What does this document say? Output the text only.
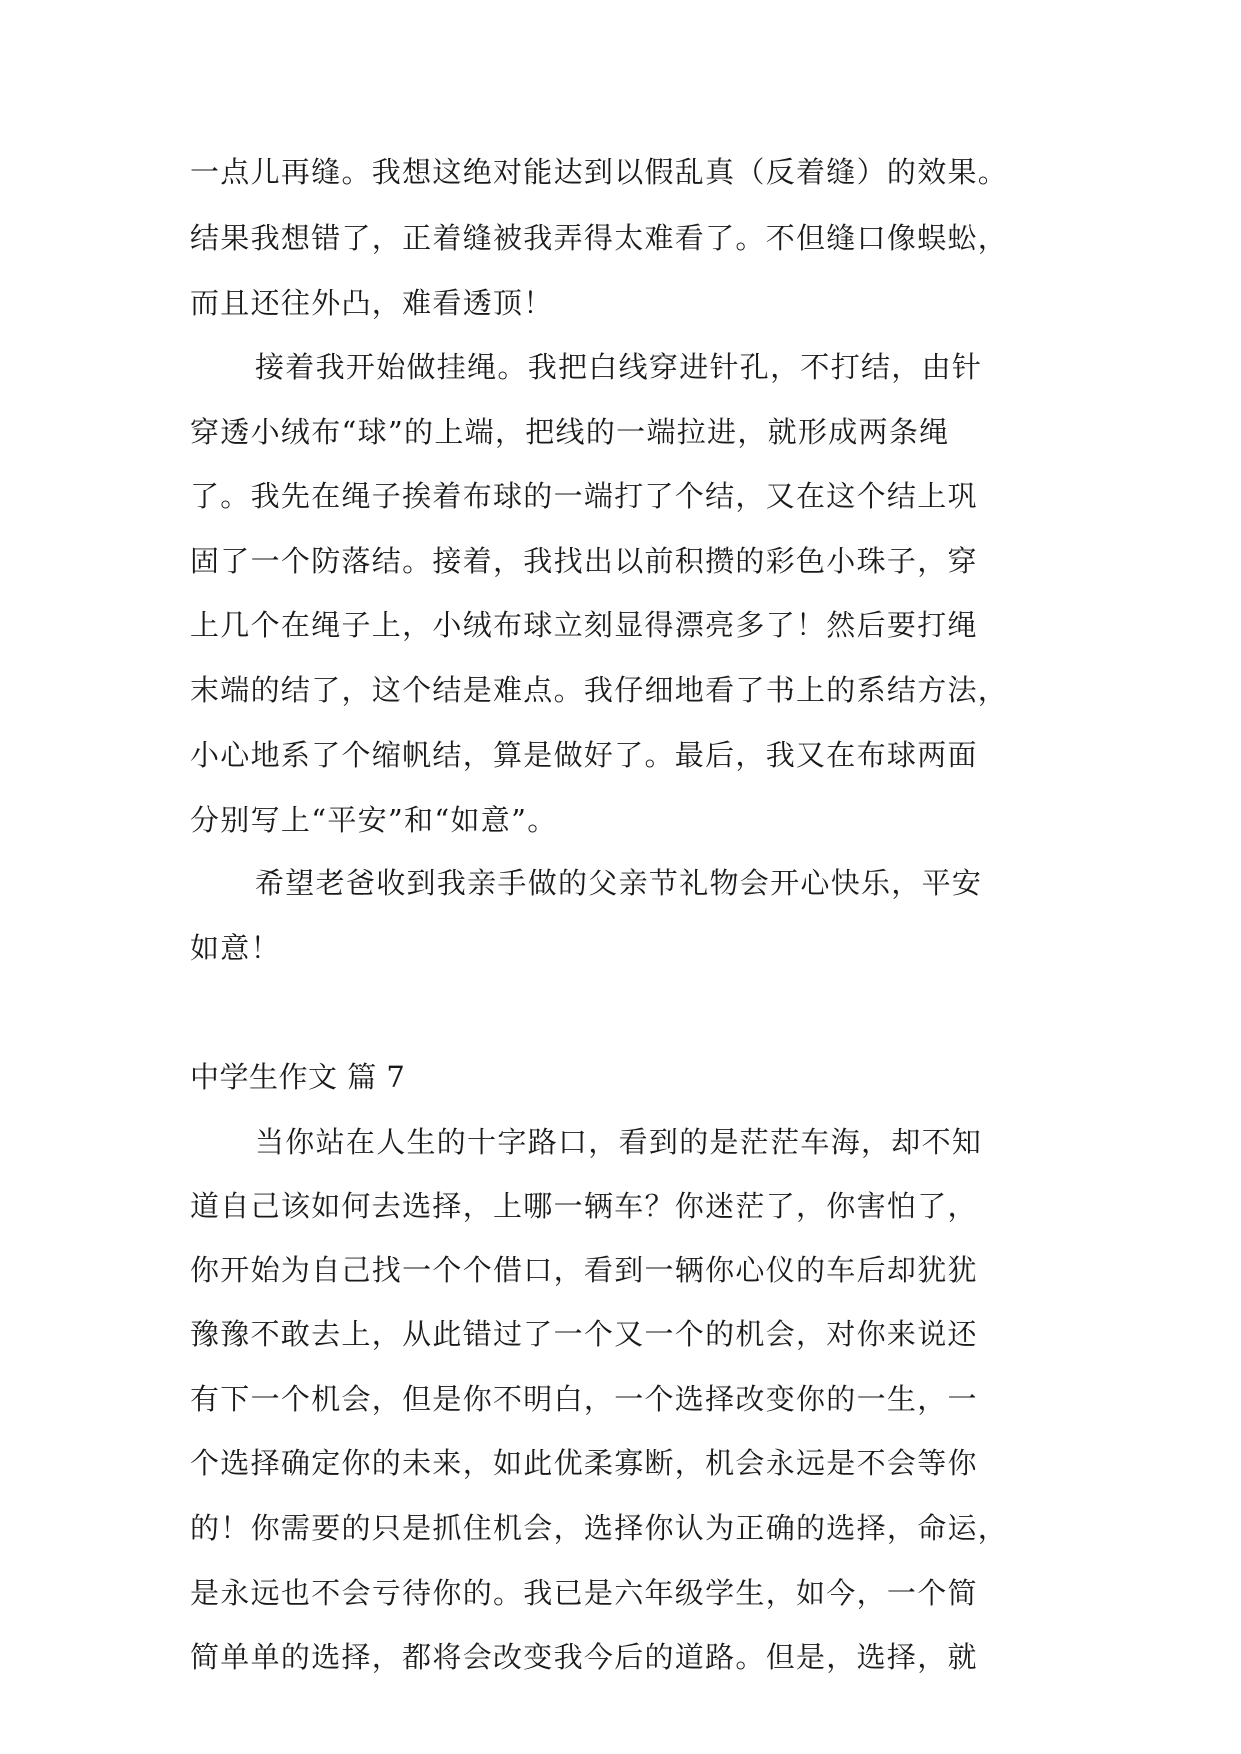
一点儿再缝。我想这绝对能达到以假乱真（反着缝）的效果。
结果我想错了，正着缝被我弄得太难看了。不但缝口像蜈蚣，
而且还往外凸，难看透顶！
接着我开始做挂绳。我把白线穿进针孔，不打结，由针
穿透小绒布“球”的上端，把线的一端拉进，就形成两条绳
了。我先在绳子挨着布球的一端打了个结，又在这个结上巩
固了一个防落结。接着，我找出以前积攒的彩色小珠子，穿
上几个在绳子上，小绒布球立刻显得漂亮多了！然后要打绳
末端的结了，这个结是难点。我仔细地看了书上的系结方法，
小心地系了个缩帆结，算是做好了。最后，我又在布球两面
分别写上“平安”和“如意”。
希望老爸收到我亲手做的父亲节礼物会开心快乐，平安
如意！
中学生作文 篇 7
当你站在人生的十字路口，看到的是茫茫车海，却不知
道自己该如何去选择，上哪一辆车？你迷茫了，你害怕了，
你开始为自己找一个个借口，看到一辆你心仪的车后却犹犹
豫豫不敢去上，从此错过了一个又一个的机会，对你来说还
有下一个机会，但是你不明白，一个选择改变你的一生，一
个选择确定你的未来，如此优柔寡断，机会永远是不会等你
的！你需要的只是抓住机会，选择你认为正确的选择，命运，
是永远也不会亏待你的。我已是六年级学生，如今，一个简
简单单的选择，都将会改变我今后的道路。但是，选择，就
